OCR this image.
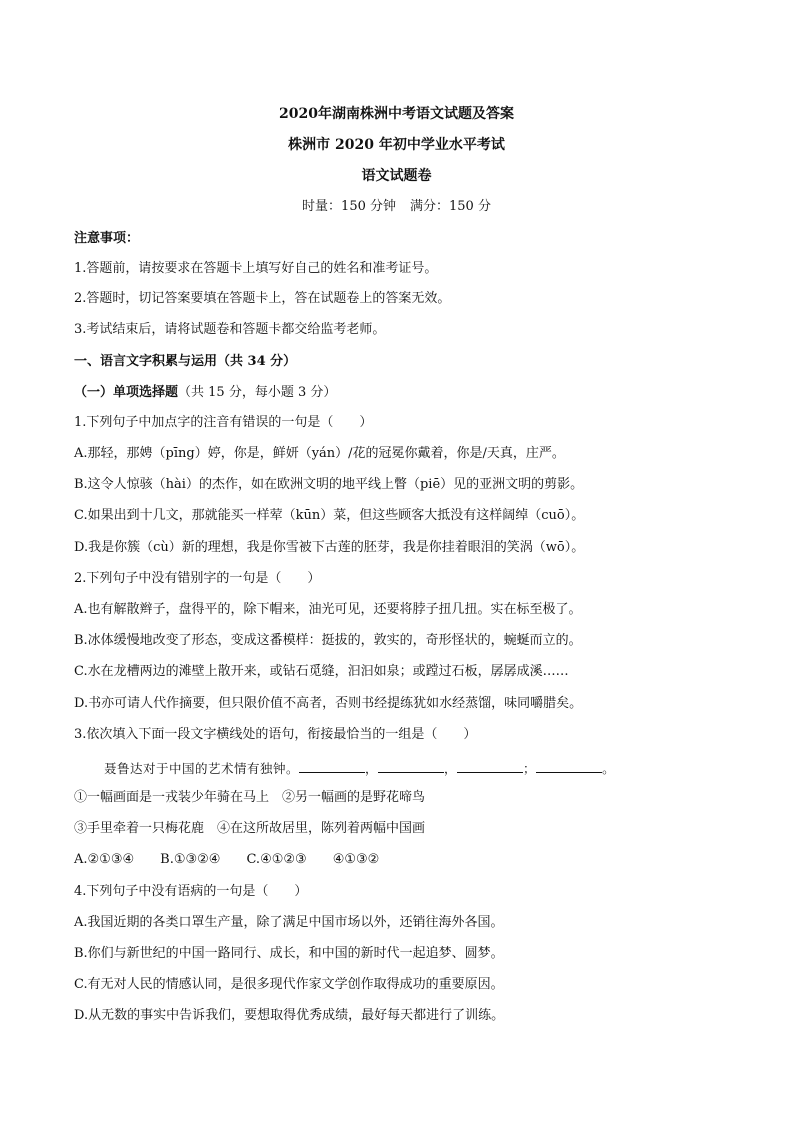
2020年湖南株洲中考语文试题及答案
株洲市 2020 年初中学业水平考试
语文试题卷
时量：150 分钟 满分：150 分
注意事项：
1.答题前，请按要求在答题卡上填写好自己的姓名和准考证号。
2.答题时，切记答案要填在答题卡上，答在试题卷上的答案无效。
3.考试结束后，请将试题卷和答题卡都交给监考老师。
一、语言文字积累与运用（共 34 分）
（一）单项选择题（共 15 分，每小题 3 分）
1.下列句子中加点字的注音有错误的一句是（　　）
A.那轻，那娉（pīng）婷，你是，鲜妍（yán）/花的冠冕你戴着，你是/天真，庄严。
B.这令人惊骇（hài）的杰作，如在欧洲文明的地平线上瞥（piē）见的亚洲文明的剪影。
C.如果出到十几文，那就能买一样荤（kūn）菜，但这些顾客大抵没有这样阔绰（cuō）。
D.我是你簇（cù）新的理想，我是你雪被下古莲的胚芽，我是你挂着眼泪的笑涡（wō）。
2.下列句子中没有错别字的一句是（　　）
A.也有解散辫子，盘得平的，除下帽来，油光可见，还要将脖子扭几扭。实在标至极了。
B.冰体缓慢地改变了形态，变成这番模样：挺拔的，敦实的，奇形怪状的，蜿蜒而立的。
C.水在龙槽两边的滩壁上散开来，或钻石觅缝，汩汩如泉；或蹚过石板，孱孱成溪……
D.书亦可请人代作摘要，但只限价值不高者，否则书经提练犹如水经蒸馏，味同嚼腊矣。
3.依次填入下面一段文字横线处的语句，衔接最恰当的一组是（　　）
聂鲁达对于中国的艺术情有独钟。	，	，	；	。
①一幅画面是一戎装少年骑在马上　②另一幅画的是野花啼鸟
③手里牵着一只梅花鹿　④在这所故居里，陈列着两幅中国画
A.②①③④ B.①③②④ C.④①②③ ④①③②
4.下列句子中没有语病的一句是（　　）
A.我国近期的各类口罩生产量，除了满足中国市场以外，还销往海外各国。
B.你们与新世纪的中国一路同行、成长，和中国的新时代一起追梦、圆梦。
C.有无对人民的情感认同，是很多现代作家文学创作取得成功的重要原因。
D.从无数的事实中告诉我们，要想取得优秀成绩，最好每天都进行了训练。
